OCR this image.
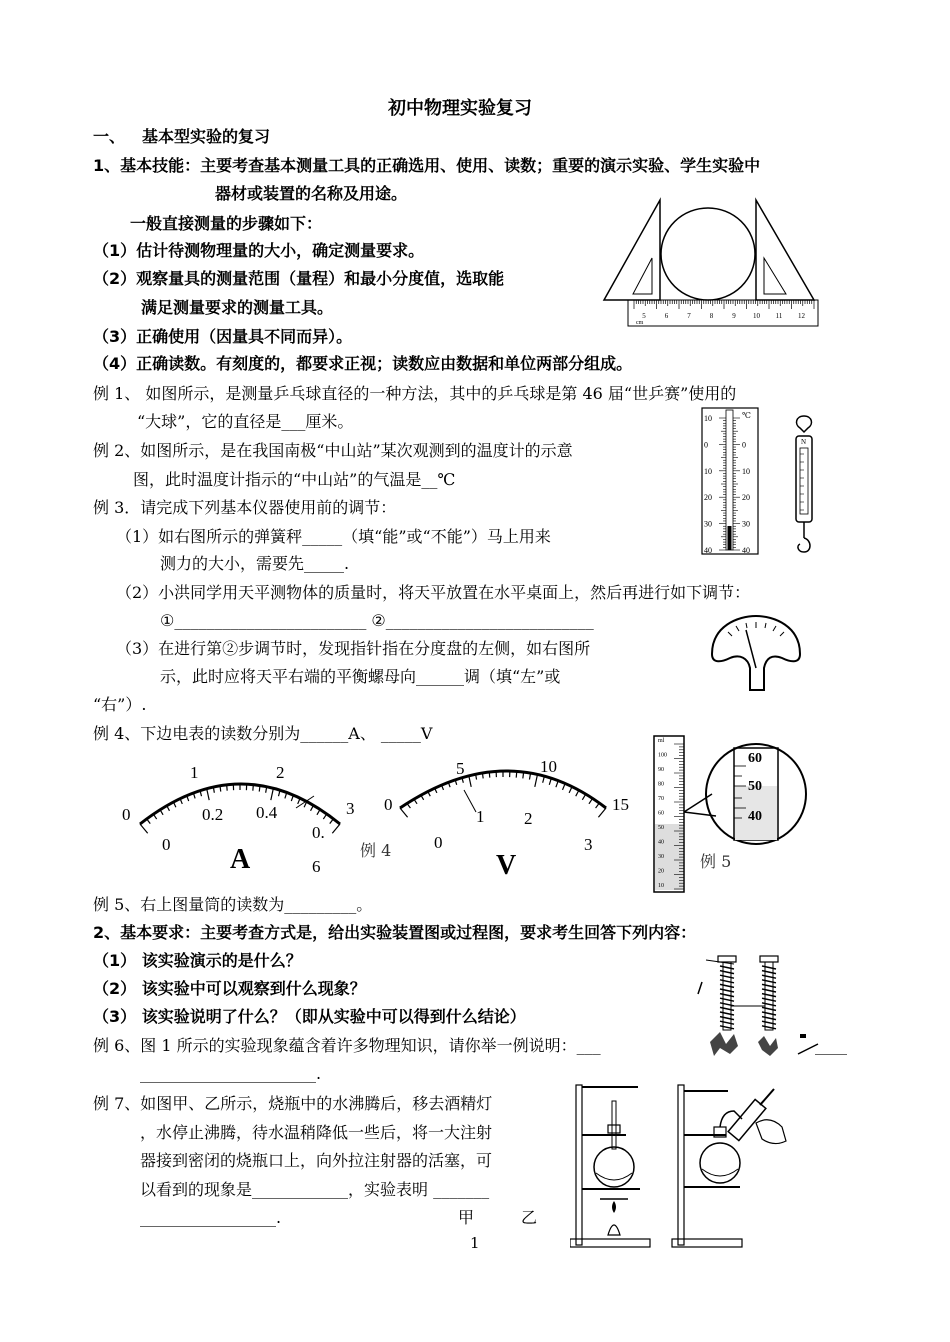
初中物理实验复习
一、 基本型实验的复习
1、基本技能：主要考查基本测量工具的正确选用、使用、读数；重要的演示实验、学生实验中
器材或装置的名称及用途。
一般直接测量的步骤如下：
（1）估计待测物理量的大小，确定测量要求。
（2）观察量具的测量范围（量程）和最小分度值，选取能
满足测量要求的测量工具。
（3）正确使用（因量具不同而异）。
（4）正确读数。有刻度的，都要求正视；读数应由数据和单位两部分组成。
5	6	7	8	9 10 11 12
cm
例 1、 如图所示，是测量乒乓球直径的一种方法，其中的乒乓球是第 46 届“世乒赛”使用的
“大球”，它的直径是___厘米。	10
0	0
10	10
20	20
30	30
40	40
℃
N
例 2、如图所示，是在我国南极“中山站”某次观测到的温度计的示意
图，此时温度计指示的“中山站”的气温是__℃
例 3．请完成下列基本仪器使用前的调节：
（1）如右图所示的弹簧秤_____（填“能”或“不能”）马上用来
测力的大小，需要先_____.
（2）小洪同学用天平测物体的质量时，将天平放置在水平桌面上，然后再进行如下调节：
①________________________ ②__________________________
（3）在进行第②步调节时，发现指针指在分度盘的左侧，如右图所
示，此时应将天平右端的平衡螺母向______调（填“左”或
“右”）.
例 4、下边电表的读数分别为______A、 _____V
0
1	2
3
0
0.2 0.4
0.
6
A	例 4
0
5	10
15
0
1 2
3
V
ml
100
90
80
70
60
50
40
30
20
10
60
50
40
例 5
例 5、右上图量筒的读数为_________。
2、基本要求：主要考查方式是，给出实验装置图或过程图，要求考生回答下列内容：
（1） 该实验演示的是什么？
（2） 该实验中可以观察到什么现象？
（3） 该实验说明了什么？（即从实验中可以得到什么结论）
例 6、图 1 所示的实验现象蕴含着许多物理知识，请你举一例说明：___	____
______________________.
例 7、如图甲、乙所示，烧瓶中的水沸腾后，移去酒精灯
，水停止沸腾，待水温稍降低一些后，将一大注射
器接到密闭的烧瓶口上，向外拉注射器的活塞，可
以看到的现象是____________，实验表明 _______
_________________.	甲	乙
1
